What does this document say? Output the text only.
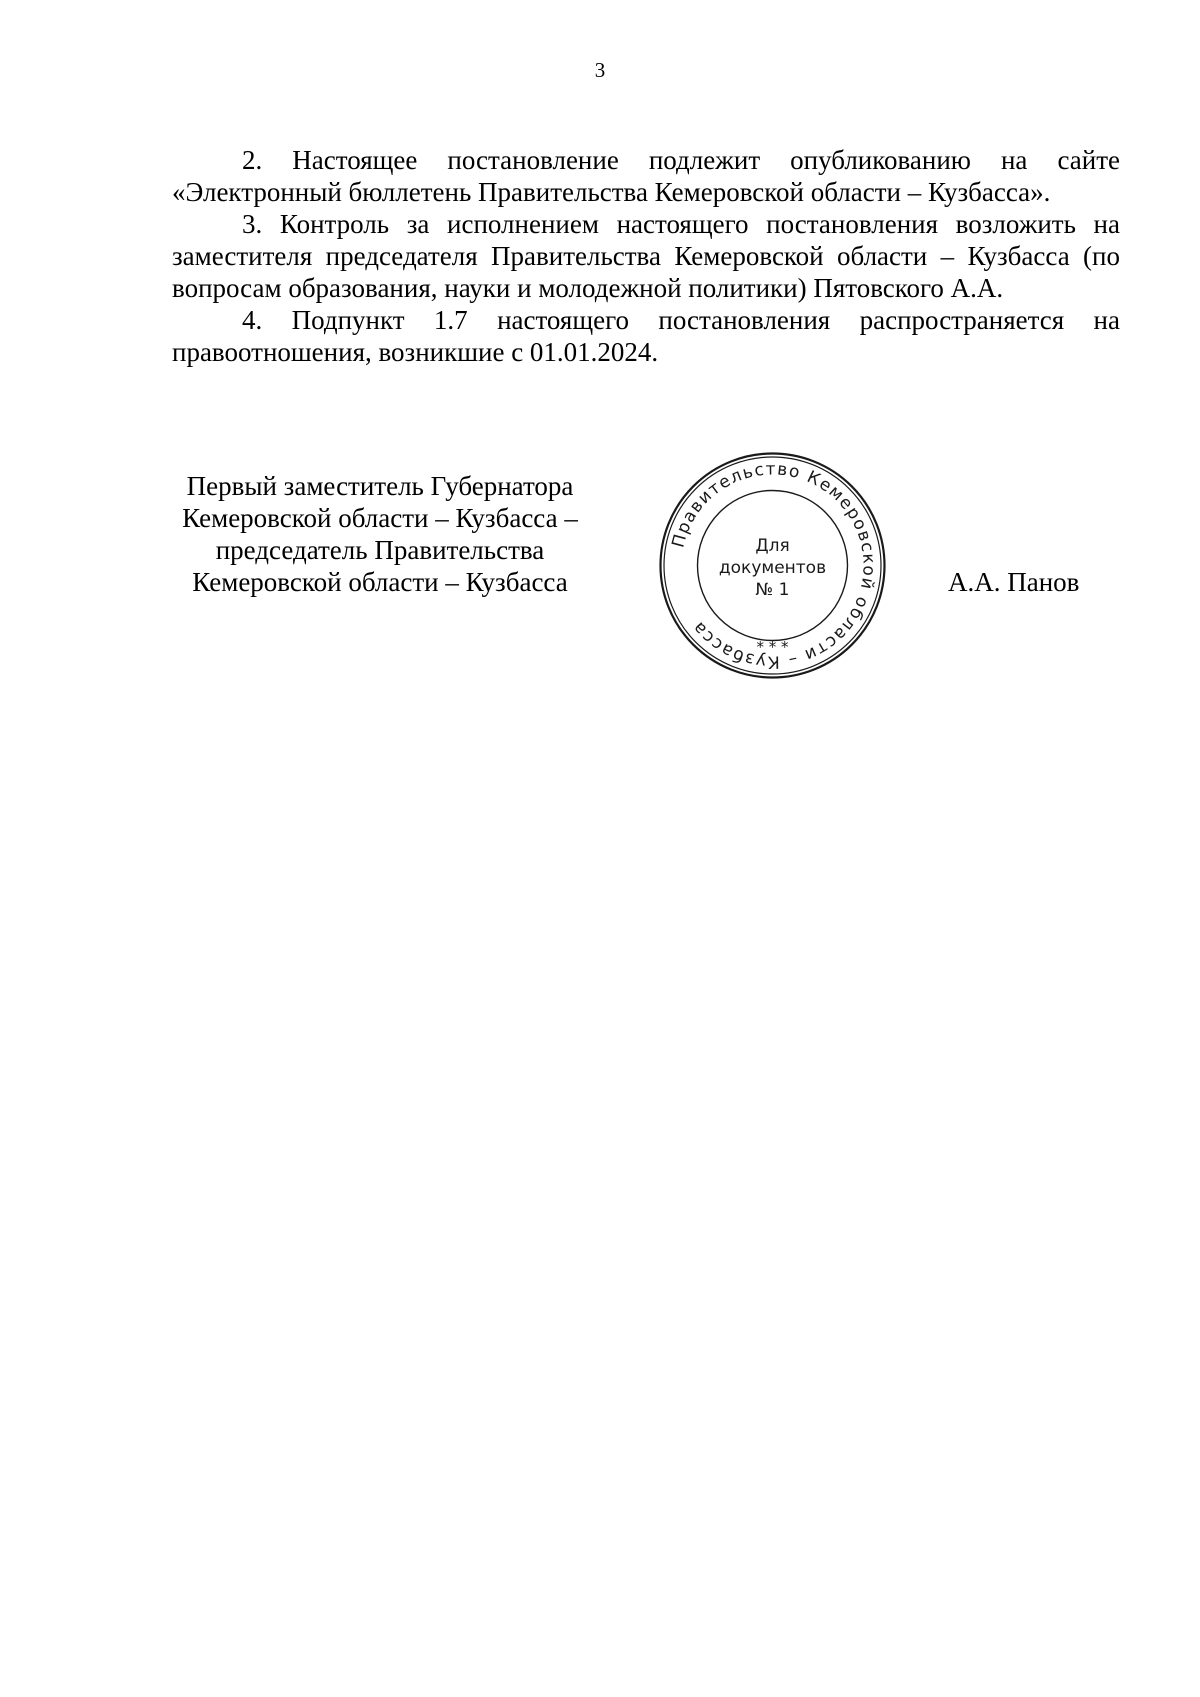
3

2. Настоящее постановление подлежит опубликованию на сайте «Электронный бюллетень Правительства Кемеровской области – Кузбасса».

3. Контроль за исполнением настоящего постановления возложить на заместителя председателя Правительства Кемеровской области – Кузбасса (по вопросам образования, науки и молодежной политики) Пятовского А.А.

4. Подпункт 1.7 настоящего постановления распространяется на правоотношения, возникшие с 01.01.2024.

Первый заместитель Губернатора
Кемеровской области – Кузбасса –
председатель Правительства
Кемеровской области – Кузбасса
Правительство Кемеровской области – Кузбасса
* * *
Для
документов
№ 1	А.А. Панов
